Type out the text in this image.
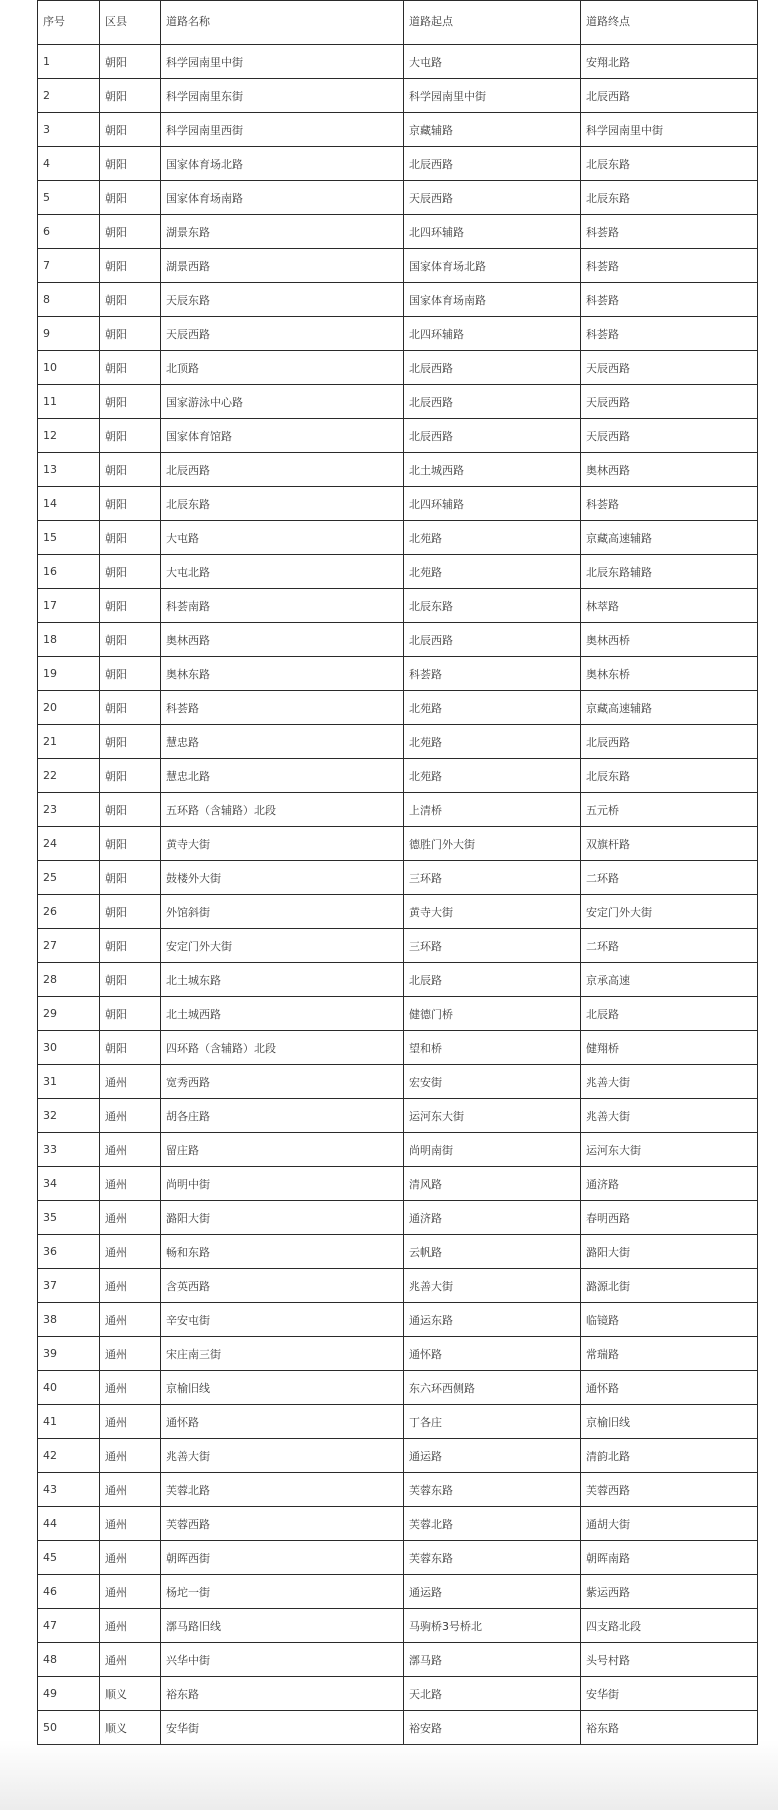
序号	区县	道路名称	道路起点	道路终点
1	朝阳	科学园南里中街	大屯路	安翔北路
2	朝阳	科学园南里东街	科学园南里中街	北辰西路
3	朝阳	科学园南里西街	京藏辅路	科学园南里中街
4	朝阳	国家体育场北路	北辰西路	北辰东路
5	朝阳	国家体育场南路	天辰西路	北辰东路
6	朝阳	湖景东路	北四环辅路	科荟路
7	朝阳	湖景西路	国家体育场北路	科荟路
8	朝阳	天辰东路	国家体育场南路	科荟路
9	朝阳	天辰西路	北四环辅路	科荟路
10	朝阳	北顶路	北辰西路	天辰西路
11	朝阳	国家游泳中心路	北辰西路	天辰西路
12	朝阳	国家体育馆路	北辰西路	天辰西路
13	朝阳	北辰西路	北土城西路	奥林西路
14	朝阳	北辰东路	北四环辅路	科荟路
15	朝阳	大屯路	北苑路	京藏高速辅路
16	朝阳	大屯北路	北苑路	北辰东路辅路
17	朝阳	科荟南路	北辰东路	林萃路
18	朝阳	奥林西路	北辰西路	奥林西桥
19	朝阳	奥林东路	科荟路	奥林东桥
20	朝阳	科荟路	北苑路	京藏高速辅路
21	朝阳	慧忠路	北苑路	北辰西路
22	朝阳	慧忠北路	北苑路	北辰东路
23	朝阳	五环路（含辅路）北段	上清桥	五元桥
24	朝阳	黄寺大街	德胜门外大街	双旗杆路
25	朝阳	鼓楼外大街	三环路	二环路
26	朝阳	外馆斜街	黄寺大街	安定门外大街
27	朝阳	安定门外大街	三环路	二环路
28	朝阳	北土城东路	北辰路	京承高速
29	朝阳	北土城西路	健德门桥	北辰路
30	朝阳	四环路（含辅路）北段	望和桥	健翔桥
31	通州	宽秀西路	宏安街	兆善大街
32	通州	胡各庄路	运河东大街	兆善大街
33	通州	留庄路	尚明南街	运河东大街
34	通州	尚明中街	清风路	通济路
35	通州	潞阳大街	通济路	春明西路
36	通州	畅和东路	云帆路	潞阳大街
37	通州	含英西路	兆善大街	潞源北街
38	通州	辛安屯街	通运东路	临镜路
39	通州	宋庄南三街	通怀路	常瑞路
40	通州	京榆旧线	东六环西侧路	通怀路
41	通州	通怀路	丁各庄	京榆旧线
42	通州	兆善大街	通运路	清韵北路
43	通州	芙蓉北路	芙蓉东路	芙蓉西路
44	通州	芙蓉西路	芙蓉北路	通胡大街
45	通州	朝晖西街	芙蓉东路	朝晖南路
46	通州	杨坨一街	通运路	紫运西路
47	通州	漷马路旧线	马驹桥3号桥北	四支路北段
48	通州	兴华中街	漷马路	头号村路
49	顺义	裕东路	天北路	安华街
50	顺义	安华街	裕安路	裕东路
